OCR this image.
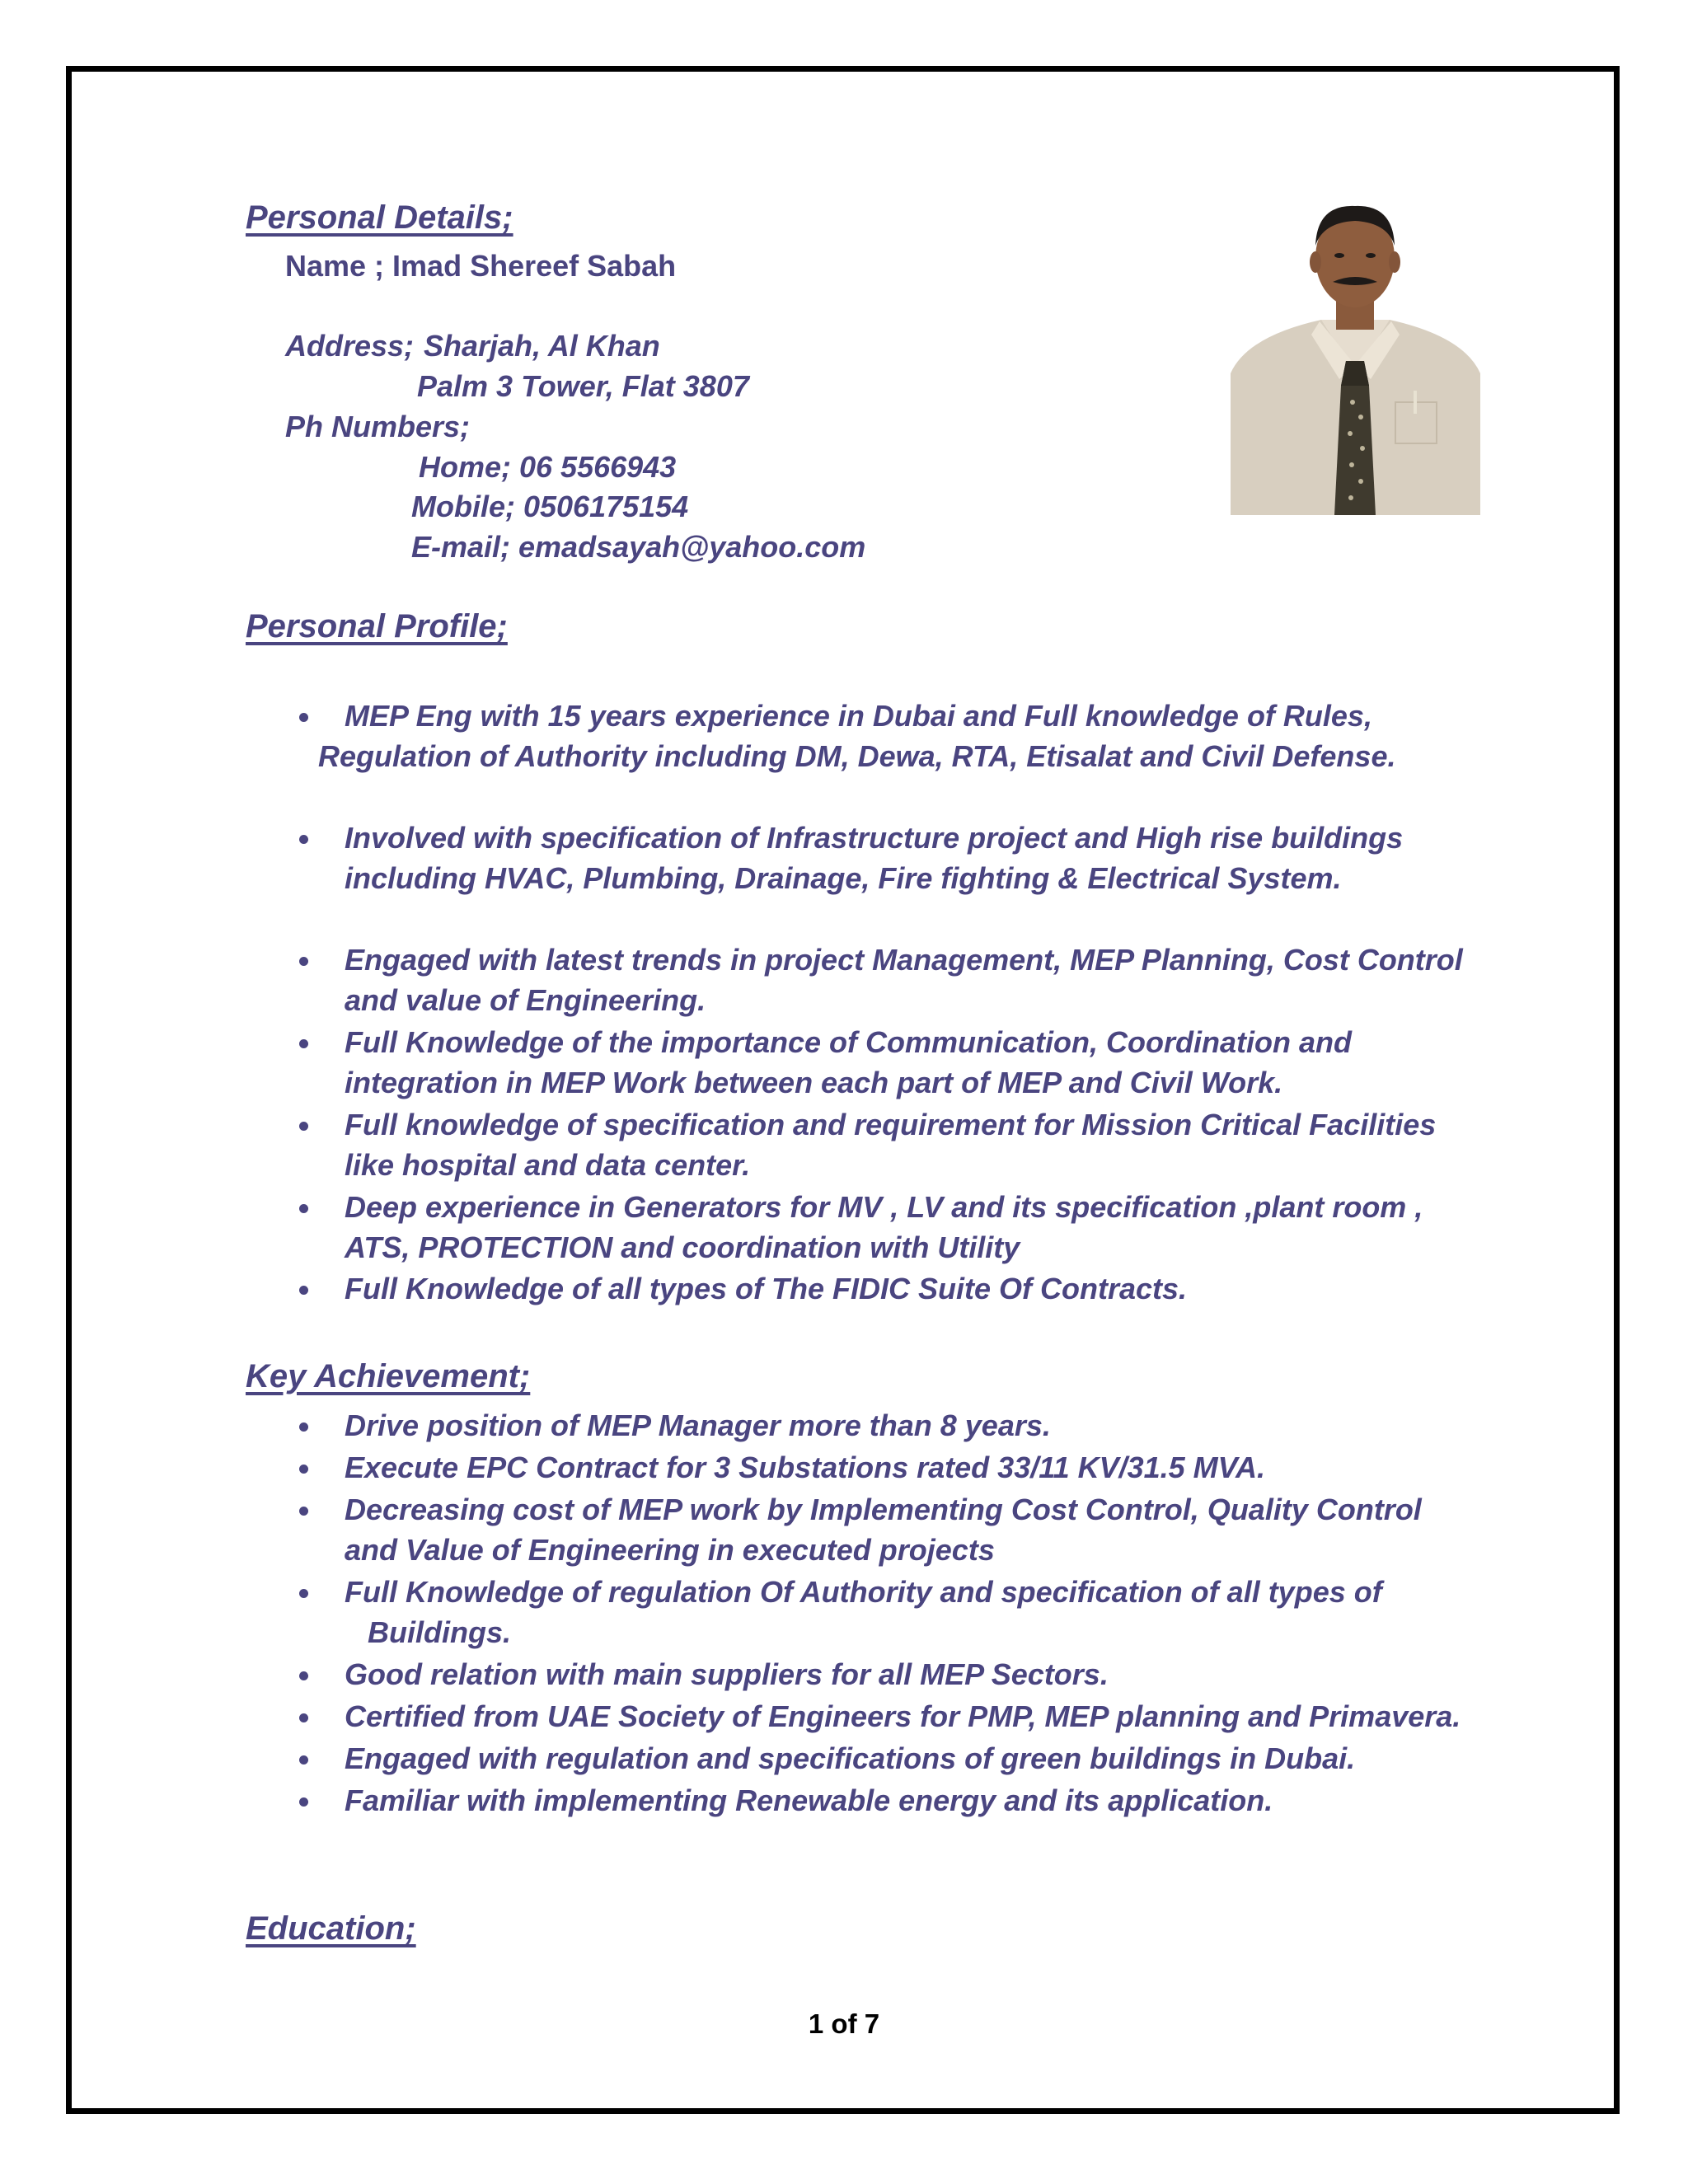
Personal Details;
Name ; Imad Shereef Sabah
Address; Sharjah, Al Khan
Palm 3 Tower, Flat 3807
Ph Numbers;
Home; 06 5566943
Mobile; 0506175154
E-mail; emadsayah@yahoo.com
Personal Profile;
MEP Eng with 15 years experience in Dubai and Full knowledge of Rules,
Regulation of Authority including DM, Dewa, RTA, Etisalat and Civil Defense.
Involved with specification of Infrastructure project and High rise buildings
including HVAC, Plumbing, Drainage, Fire fighting & Electrical System.
Engaged with latest trends in project Management, MEP Planning, Cost Control
and value of Engineering.
Full Knowledge of the importance of Communication, Coordination and
integration in MEP Work between each part of MEP and Civil Work.
Full knowledge of specification and requirement for Mission Critical Facilities
like hospital and data center.
Deep experience in Generators for MV , LV and its specification ,plant room ,
ATS, PROTECTION and coordination with Utility
Full Knowledge of all types of The FIDIC Suite Of Contracts.
Key Achievement;
Drive position of MEP Manager more than 8 years.
Execute EPC Contract for 3 Substations rated 33/11 KV/31.5 MVA.
Decreasing cost of MEP work by Implementing Cost Control, Quality Control
and Value of Engineering in executed projects
Full Knowledge of regulation Of Authority and specification of all types of
Buildings.
Good relation with main suppliers for all MEP Sectors.
Certified from UAE Society of Engineers for PMP, MEP planning and Primavera.
Engaged with regulation and specifications of green buildings in Dubai.
Familiar with implementing Renewable energy and its application.
Education;
1 of 7
